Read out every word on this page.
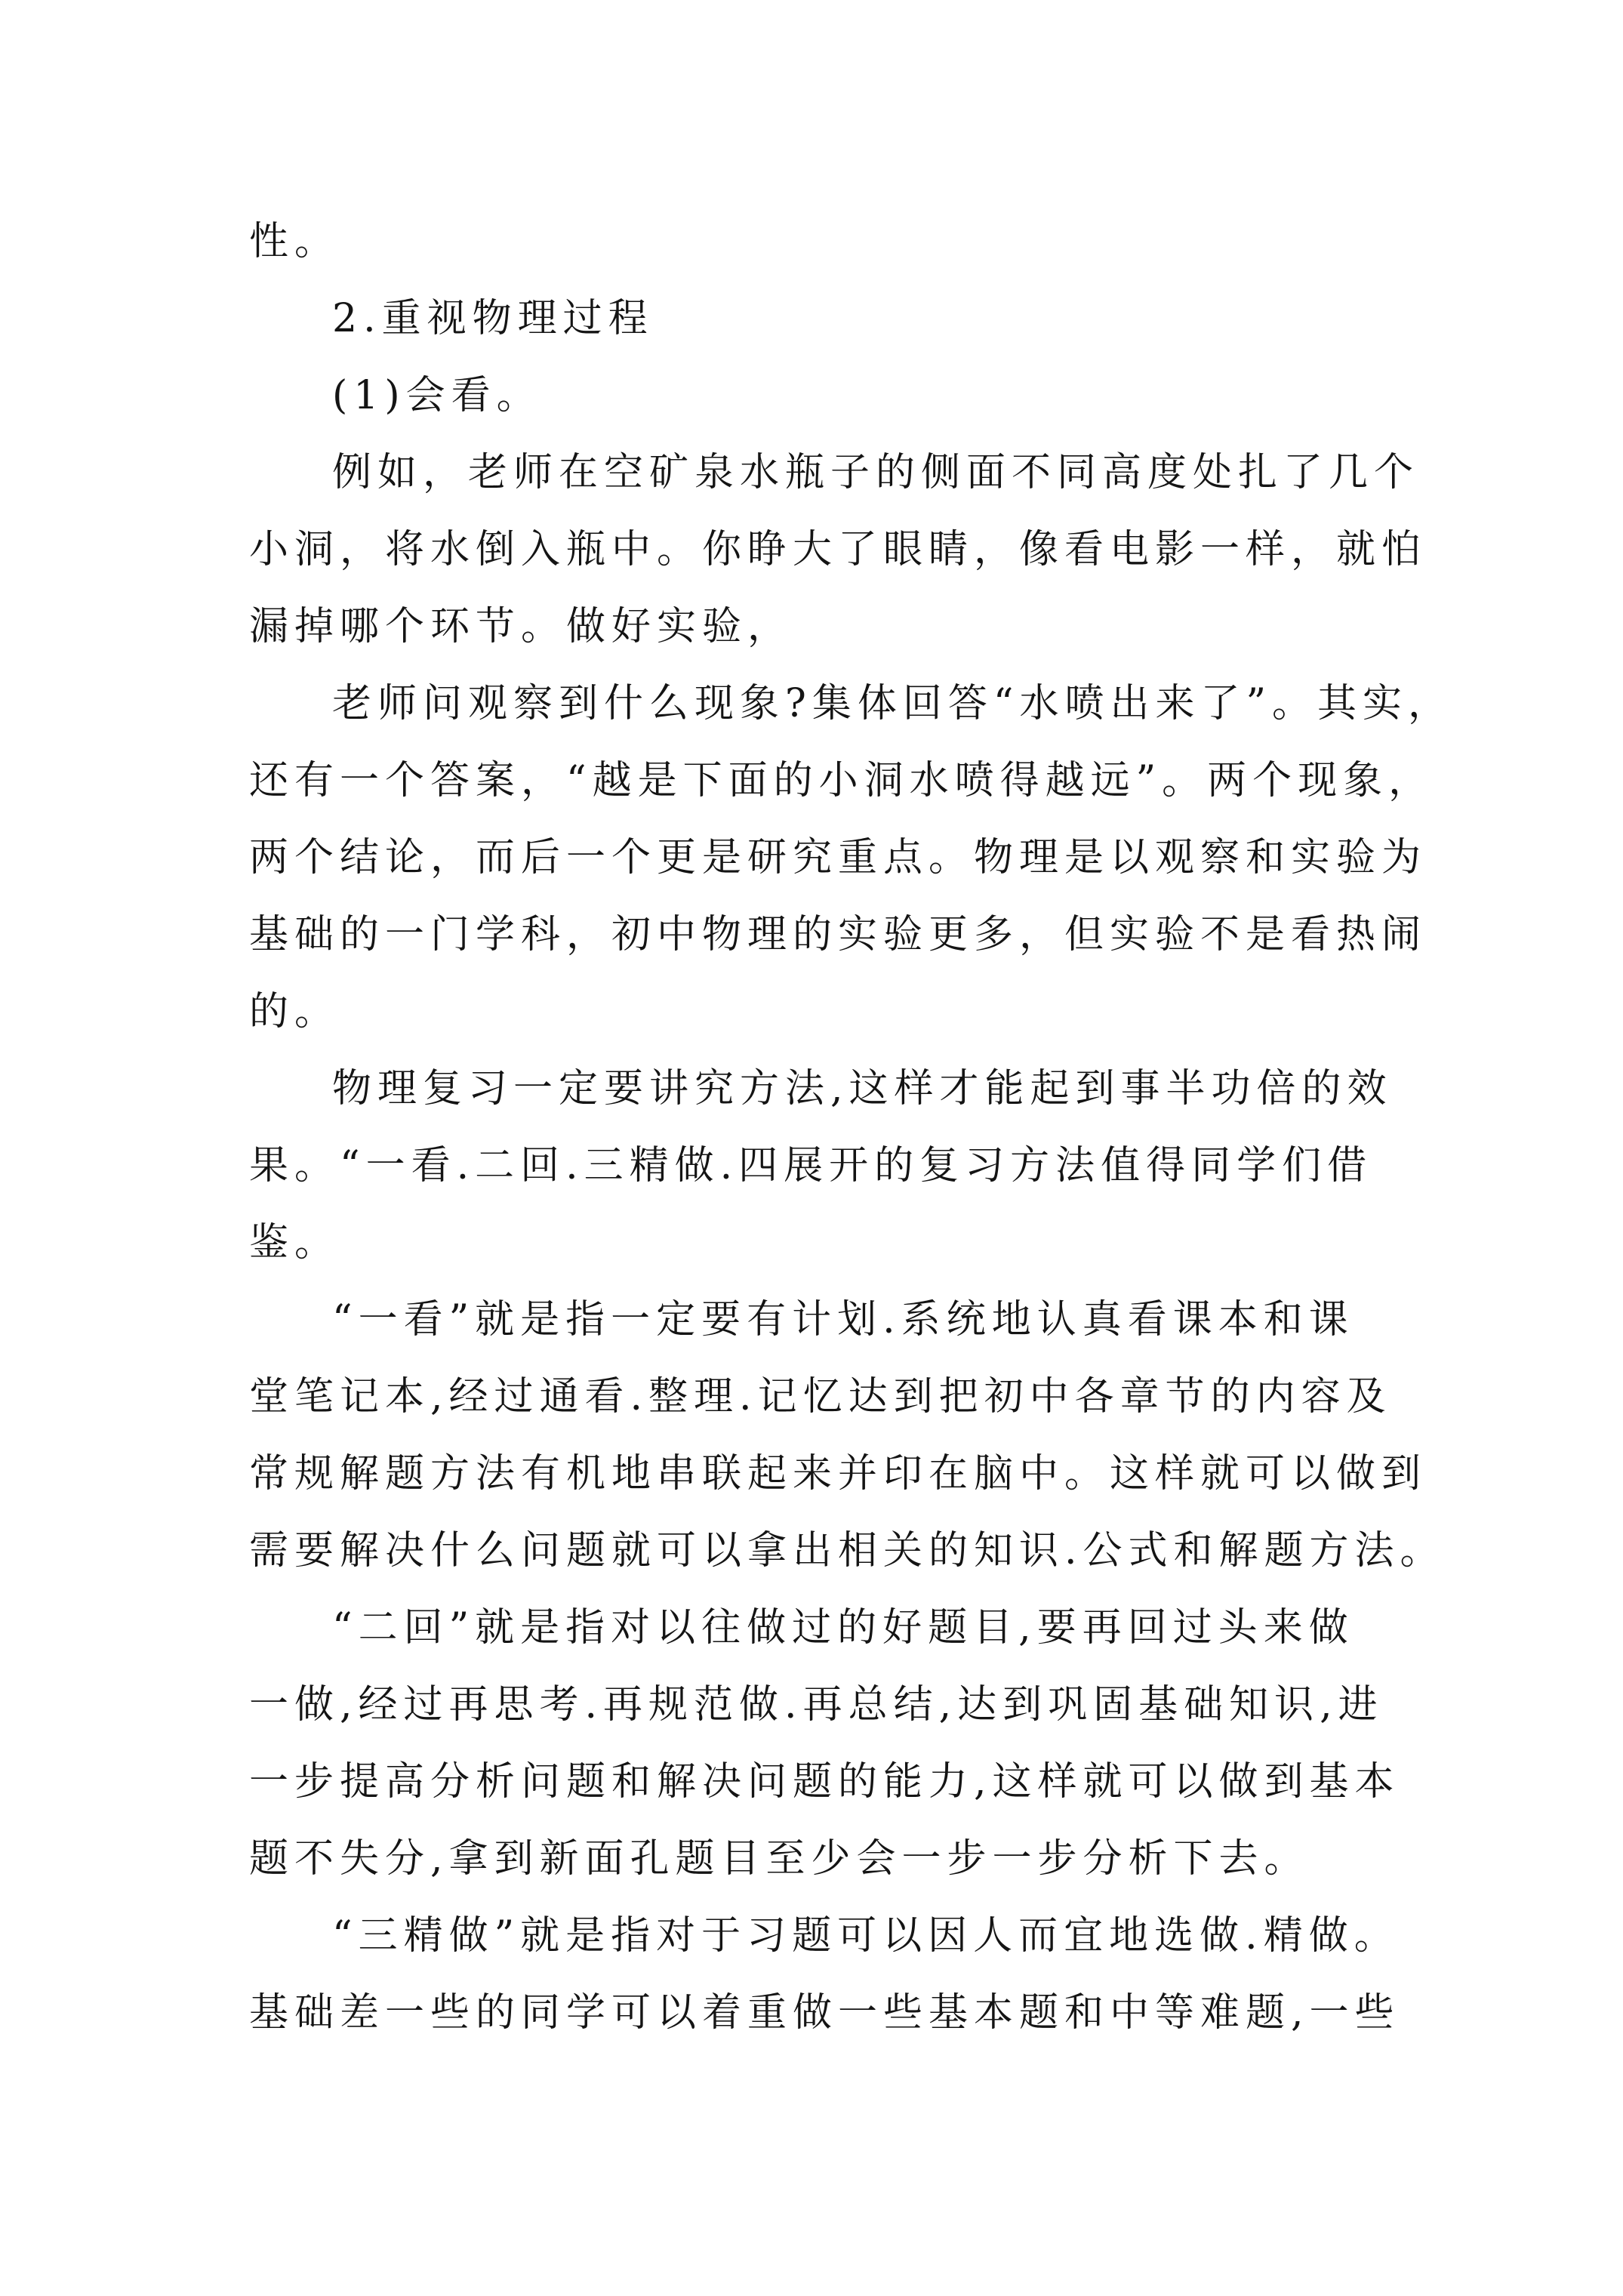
性。

2.重视物理过程

(1)会看。

例如，老师在空矿泉水瓶子的侧面不同高度处扎了几个

小洞，将水倒入瓶中。你睁大了眼睛，像看电影一样，就怕

漏掉哪个环节。做好实验，

老师问观察到什么现象?集体回答“水喷出来了”。其实，

还有一个答案，“越是下面的小洞水喷得越远”。两个现象，

两个结论，而后一个更是研究重点。物理是以观察和实验为

基础的一门学科，初中物理的实验更多，但实验不是看热闹

的。

物理复习一定要讲究方法,这样才能起到事半功倍的效

果。“一看.二回.三精做.四展开的复习方法值得同学们借

鉴。

“一看”就是指一定要有计划.系统地认真看课本和课

堂笔记本,经过通看.整理.记忆达到把初中各章节的内容及

常规解题方法有机地串联起来并印在脑中。这样就可以做到

需要解决什么问题就可以拿出相关的知识.公式和解题方法。

“二回”就是指对以往做过的好题目,要再回过头来做

一做,经过再思考.再规范做.再总结,达到巩固基础知识,进

一步提高分析问题和解决问题的能力,这样就可以做到基本

题不失分,拿到新面孔题目至少会一步一步分析下去。

“三精做”就是指对于习题可以因人而宜地选做.精做。

基础差一些的同学可以着重做一些基本题和中等难题,一些
